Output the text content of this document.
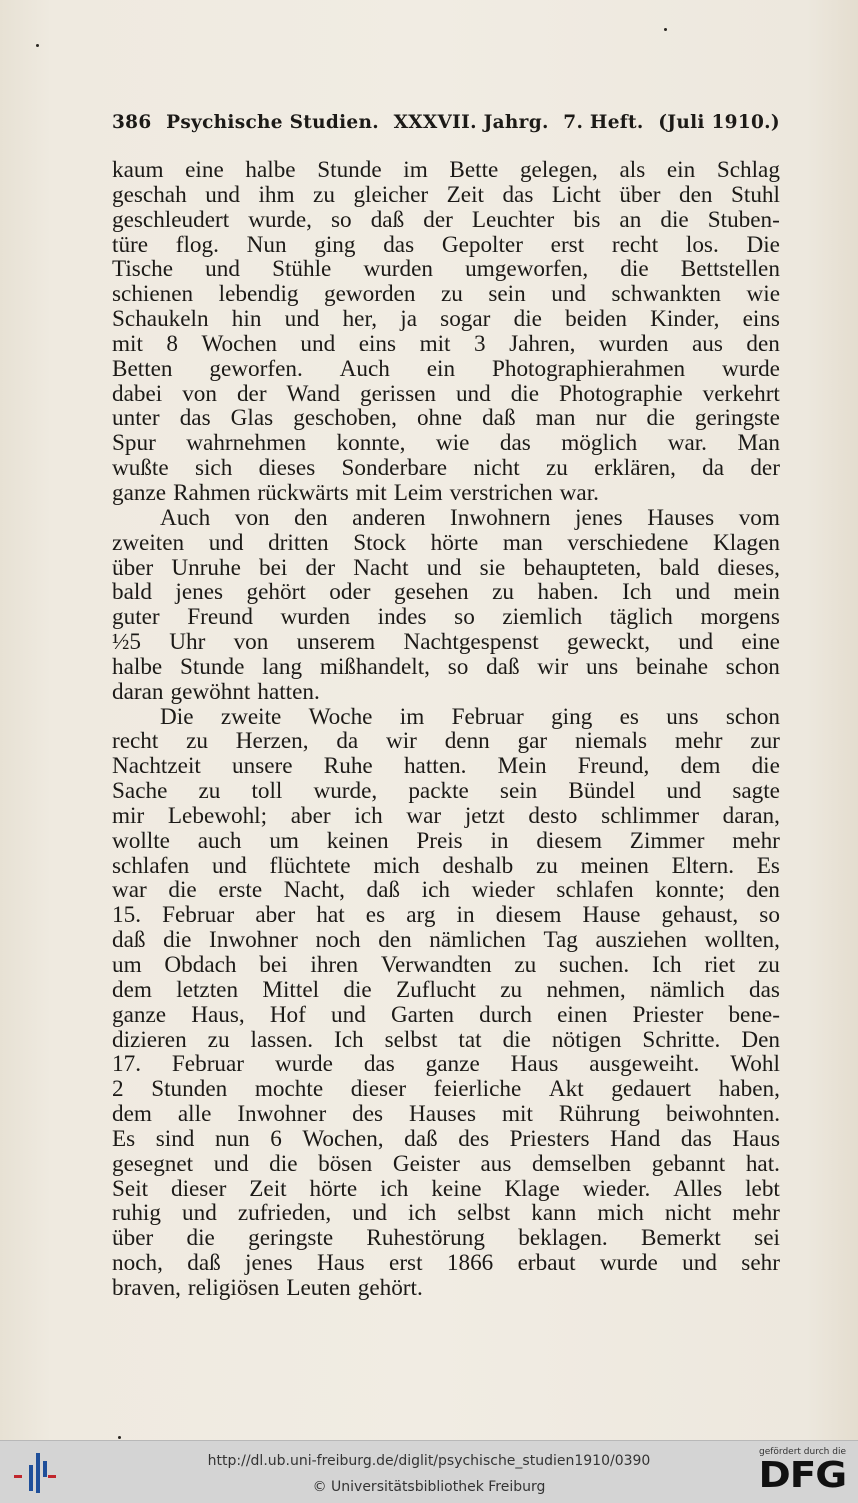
386 Psychische Studien. XXXVII. Jahrg. 7. Heft. (Juli 1910.)
kaum eine halbe Stunde im Bette gelegen, als ein Schlag
geschah und ihm zu gleicher Zeit das Licht über den Stuhl
geschleudert wurde, so daß der Leuchter bis an die Stuben-
türe flog. Nun ging das Gepolter erst recht los. Die
Tische und Stühle wurden umgeworfen, die Bettstellen
schienen lebendig geworden zu sein und schwankten wie
Schaukeln hin und her, ja sogar die beiden Kinder, eins
mit 8 Wochen und eins mit 3 Jahren, wurden aus den
Betten geworfen. Auch ein Photographierahmen wurde
dabei von der Wand gerissen und die Photographie verkehrt
unter das Glas geschoben, ohne daß man nur die geringste
Spur wahrnehmen konnte, wie das möglich war. Man
wußte sich dieses Sonderbare nicht zu erklären, da der
ganze Rahmen rückwärts mit Leim verstrichen war.
Auch von den anderen Inwohnern jenes Hauses vom
zweiten und dritten Stock hörte man verschiedene Klagen
über Unruhe bei der Nacht und sie behaupteten, bald dieses,
bald jenes gehört oder gesehen zu haben. Ich und mein
guter Freund wurden indes so ziemlich täglich morgens
½5 Uhr von unserem Nachtgespenst geweckt, und eine
halbe Stunde lang mißhandelt, so daß wir uns beinahe schon
daran gewöhnt hatten.
Die zweite Woche im Februar ging es uns schon
recht zu Herzen, da wir denn gar niemals mehr zur
Nachtzeit unsere Ruhe hatten. Mein Freund, dem die
Sache zu toll wurde, packte sein Bündel und sagte
mir Lebewohl; aber ich war jetzt desto schlimmer daran,
wollte auch um keinen Preis in diesem Zimmer mehr
schlafen und flüchtete mich deshalb zu meinen Eltern. Es
war die erste Nacht, daß ich wieder schlafen konnte; den
15. Februar aber hat es arg in diesem Hause gehaust, so
daß die Inwohner noch den nämlichen Tag ausziehen wollten,
um Obdach bei ihren Verwandten zu suchen. Ich riet zu
dem letzten Mittel die Zuflucht zu nehmen, nämlich das
ganze Haus, Hof und Garten durch einen Priester bene-
dizieren zu lassen. Ich selbst tat die nötigen Schritte. Den
17. Februar wurde das ganze Haus ausgeweiht. Wohl
2 Stunden mochte dieser feierliche Akt gedauert haben,
dem alle Inwohner des Hauses mit Rührung beiwohnten.
Es sind nun 6 Wochen, daß des Priesters Hand das Haus
gesegnet und die bösen Geister aus demselben gebannt hat.
Seit dieser Zeit hörte ich keine Klage wieder. Alles lebt
ruhig und zufrieden, und ich selbst kann mich nicht mehr
über die geringste Ruhestörung beklagen. Bemerkt sei
noch, daß jenes Haus erst 1866 erbaut wurde und sehr
braven, religiösen Leuten gehört.
http://dl.ub.uni-freiburg.de/diglit/psychische_studien1910/0390
© Universitätsbibliothek Freiburg
gefördert durch die
DFG
